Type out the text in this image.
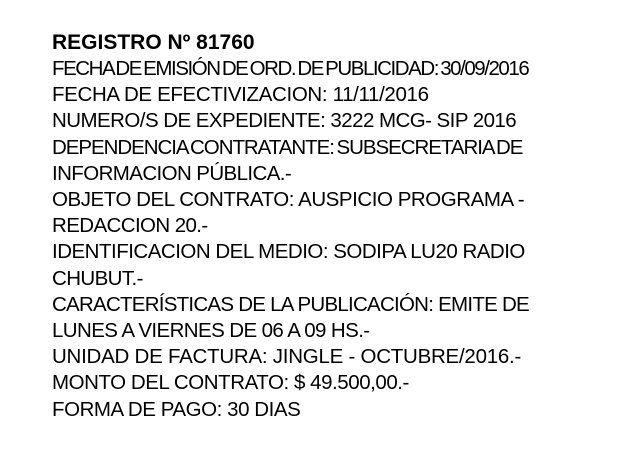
REGISTRO Nº 81760

FECHA DE EMISIÓN DE ORD. DE PUBLICIDAD: 30/09/2016

FECHA DE EFECTIVIZACION: 11/11/2016

NUMERO/S DE EXPEDIENTE: 3222 MCG- SIP 2016

DEPENDENCIA CONTRATANTE: SUBSECRETARIA DE

INFORMACION PÚBLICA.-

OBJETO DEL CONTRATO: AUSPICIO PROGRAMA -

REDACCION 20.-

IDENTIFICACION DEL MEDIO: SODIPA LU20 RADIO

CHUBUT.-

CARACTERÍSTICAS DE LA PUBLICACIÓN: EMITE DE

LUNES A VIERNES DE 06 A 09 HS.-

UNIDAD DE FACTURA: JINGLE - OCTUBRE/2016.-

MONTO DEL CONTRATO: $ 49.500,00.-

FORMA DE PAGO: 30 DIAS
